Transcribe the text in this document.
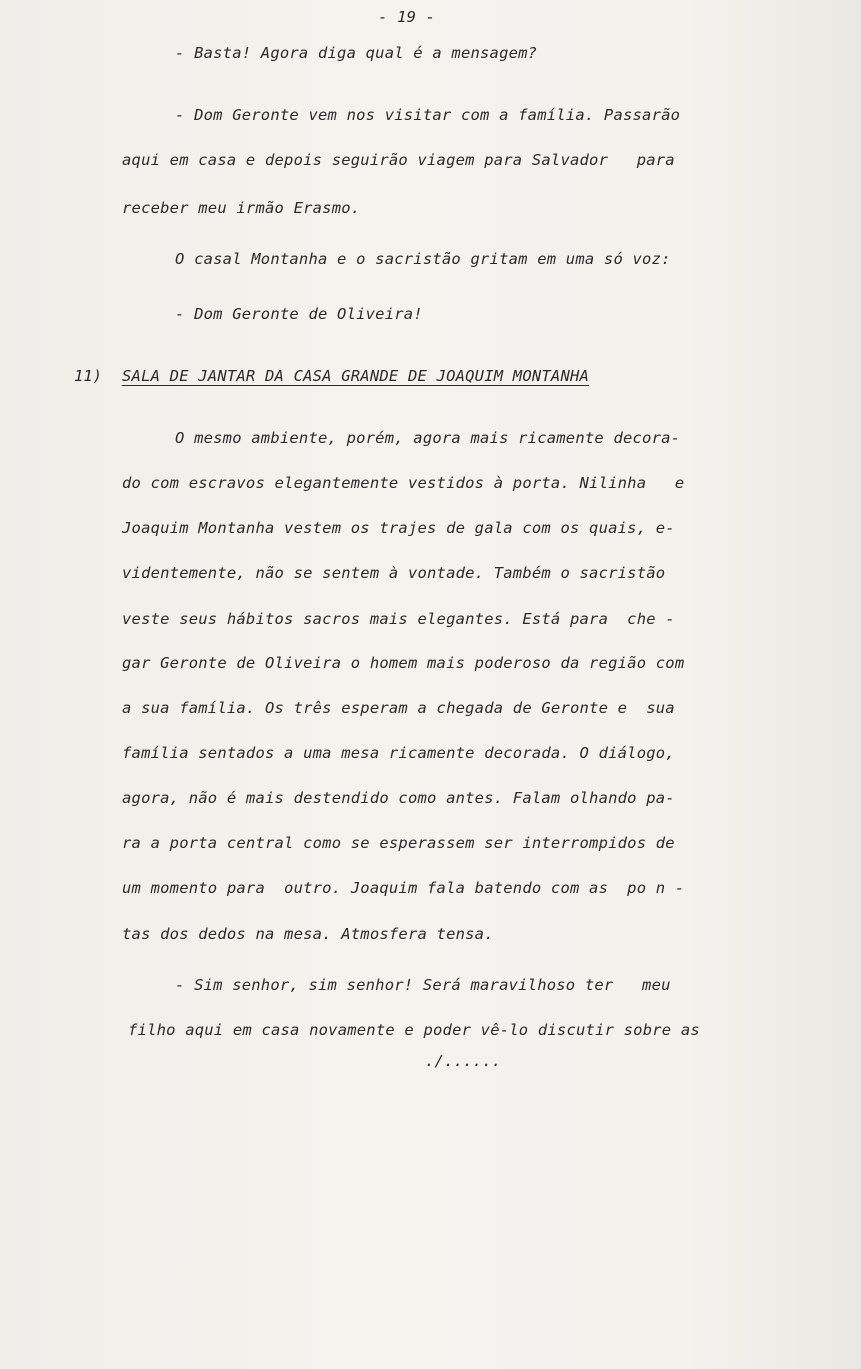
- 19 -
- Basta! Agora diga qual é a mensagem?
- Dom Geronte vem nos visitar com a família. Passarão
aqui em casa e depois seguirão viagem para Salvador   para
receber meu irmão Erasmo.
O casal Montanha e o sacristão gritam em uma só voz:
- Dom Geronte de Oliveira!
11) SALA DE JANTAR DA CASA GRANDE DE JOAQUIM MONTANHA
O mesmo ambiente, porém, agora mais ricamente decora-
do com escravos elegantemente vestidos à porta. Nilinha   e
Joaquim Montanha vestem os trajes de gala com os quais, e-
videntemente, não se sentem à vontade. Também o sacristão
veste seus hábitos sacros mais elegantes. Está para  che -
gar Geronte de Oliveira o homem mais poderoso da região com
a sua família. Os três esperam a chegada de Geronte e  sua
família sentados a uma mesa ricamente decorada. O diálogo,
agora, não é mais destendido como antes. Falam olhando pa-
ra a porta central como se esperassem ser interrompidos de
um momento para  outro. Joaquim fala batendo com as  po n -
tas dos dedos na mesa. Atmosfera tensa.
- Sim senhor, sim senhor! Será maravilhoso ter   meu
filho aqui em casa novamente e poder vê-lo discutir sobre as
./......
